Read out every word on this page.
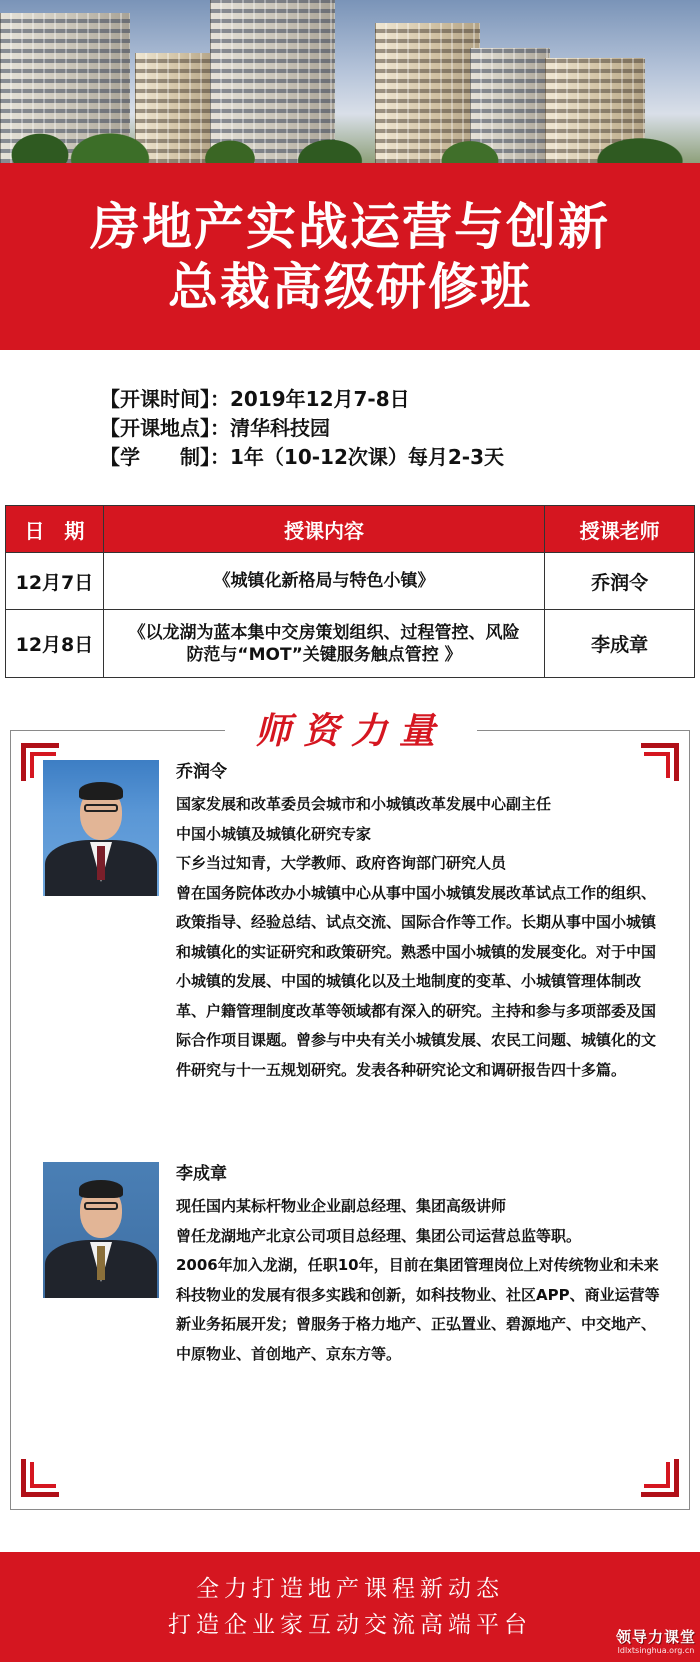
房地产实战运营与创新
总裁高级研修班
【开课时间】：2019年12月7-8日
【开课地点】：清华科技园
【学　　制】：1年（10-12次课）每月2-3天
日　期	授课内容	授课老师
12月7日	《城镇化新格局与特色小镇》	乔润令
12月8日	《以龙湖为蓝本集中交房策划组织、过程管控、风险防范与“MOT”关键服务触点管控 》	李成章
师资力量
乔润令
国家发展和改革委员会城市和小城镇改革发展中心副主任
中国小城镇及城镇化研究专家
下乡当过知青，大学教师、政府咨询部门研究人员
曾在国务院体改办小城镇中心从事中国小城镇发展改革试点工作的组织、政策指导、经验总结、试点交流、国际合作等工作。长期从事中国小城镇和城镇化的实证研究和政策研究。熟悉中国小城镇的发展变化。对于中国小城镇的发展、中国的城镇化以及土地制度的变革、小城镇管理体制改革、户籍管理制度改革等领域都有深入的研究。主持和参与多项部委及国际合作项目课题。曾参与中央有关小城镇发展、农民工问题、城镇化的文件研究与十一五规划研究。发表各种研究论文和调研报告四十多篇。
李成章
现任国内某标杆物业企业副总经理、集团高级讲师
曾任龙湖地产北京公司项目总经理、集团公司运营总监等职。
2006年加入龙湖，任职10年，目前在集团管理岗位上对传统物业和未来科技物业的发展有很多实践和创新，如科技物业、社区APP、商业运营等新业务拓展开发；曾服务于格力地产、正弘置业、碧源地产、中交地产、中原物业、首创地产、京东方等。
全力打造地产课程新动态
打造企业家互动交流高端平台	领导力课堂
ldlxtsinghua.org.cn
